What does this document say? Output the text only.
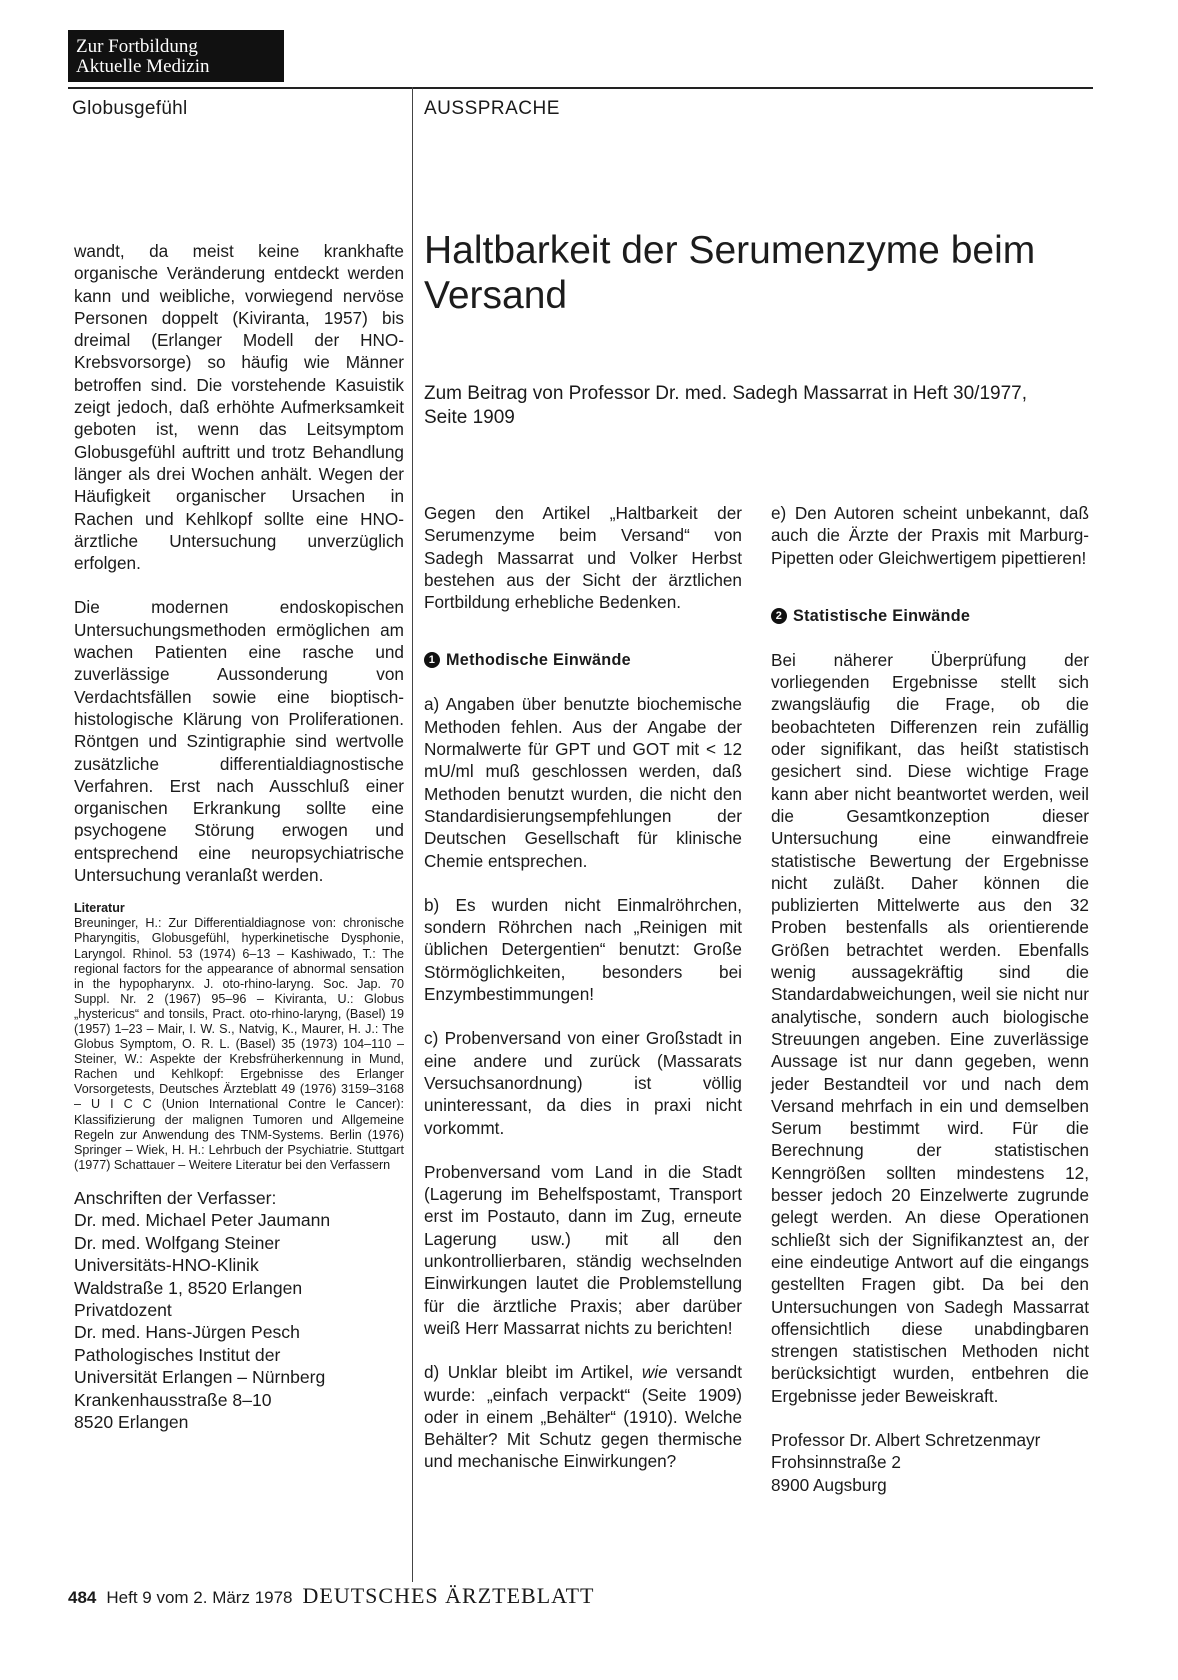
Zur Fortbildung
Aktuelle Medizin
Globusgefühl	AUSSPRACHE
Haltbarkeit der Serumenzyme beim Versand
Zum Beitrag von Professor Dr. med. Sadegh Massarrat in Heft 30/1977, Seite 1909

wandt, da meist keine krankhafte organische Veränderung entdeckt werden kann und weibliche, vorwiegend nervöse Personen doppelt (Kiviranta, 1957) bis dreimal (Erlanger Modell der HNO-Krebsvorsorge) so häufig wie Männer betroffen sind. Die vorstehende Kasuistik zeigt jedoch, daß erhöhte Aufmerksamkeit geboten ist, wenn das Leitsymptom Globusgefühl auftritt und trotz Behandlung länger als drei Wochen anhält. Wegen der Häufigkeit organischer Ursachen in Rachen und Kehlkopf sollte eine HNO-ärztliche Untersuchung unverzüglich erfolgen.

Die modernen endoskopischen Untersuchungsmethoden ermöglichen am wachen Patienten eine rasche und zuverlässige Aussonderung von Verdachtsfällen sowie eine bioptisch-histologische Klärung von Proliferationen. Röntgen und Szintigraphie sind wertvolle zusätzliche differentialdiagnostische Verfahren. Erst nach Ausschluß einer organischen Erkrankung sollte eine psychogene Störung erwogen und entsprechend eine neuropsychiatrische Untersuchung veranlaßt werden.

Literatur

Breuninger, H.: Zur Differentialdiagnose von: chronische Pharyngitis, Globusgefühl, hyperkinetische Dysphonie, Laryngol. Rhinol. 53 (1974) 6–13 – Kashiwado, T.: The regional factors for the appearance of abnormal sensation in the hypopharynx. J. oto-rhino-laryng. Soc. Jap. 70 Suppl. Nr. 2 (1967) 95–96 – Kiviranta, U.: Globus „hystericus“ and tonsils, Pract. oto-rhino-laryng, (Basel) 19 (1957) 1–23 – Mair, I. W. S., Natvig, K., Maurer, H. J.: The Globus Symptom, O. R. L. (Basel) 35 (1973) 104–110 – Steiner, W.: Aspekte der Krebsfrüherkennung in Mund, Rachen und Kehlkopf: Ergebnisse des Erlanger Vorsorgetests, Deutsches Ärzteblatt 49 (1976) 3159–3168 – U I C C (Union International Contre le Cancer): Klassifizierung der malignen Tumoren und Allgemeine Regeln zur Anwendung des TNM-Systems. Berlin (1976) Springer – Wiek, H. H.: Lehrbuch der Psychiatrie. Stuttgart (1977) Schattauer – Weitere Literatur bei den Verfassern

Anschriften der Verfasser:
Dr. med. Michael Peter Jaumann
Dr. med. Wolfgang Steiner
Universitäts-HNO-Klinik
Waldstraße 1, 8520 Erlangen
Privatdozent
Dr. med. Hans-Jürgen Pesch
Pathologisches Institut der
Universität Erlangen – Nürnberg
Krankenhausstraße 8–10
8520 Erlangen

Gegen den Artikel „Haltbarkeit der Serumenzyme beim Versand“ von Sadegh Massarrat und Volker Herbst bestehen aus der Sicht der ärztlichen Fortbildung erhebliche Bedenken.

1 Methodische Einwände

a) Angaben über benutzte biochemische Methoden fehlen. Aus der Angabe der Normalwerte für GPT und GOT mit < 12 mU/ml muß geschlossen werden, daß Methoden benutzt wurden, die nicht den Standardisierungsempfehlungen der Deutschen Gesellschaft für klinische Chemie entsprechen.

b) Es wurden nicht Einmalröhrchen, sondern Röhrchen nach „Reinigen mit üblichen Detergentien“ benutzt: Große Störmöglichkeiten, besonders bei Enzymbestimmungen!

c) Probenversand von einer Großstadt in eine andere und zurück (Massarats Versuchsanordnung) ist völlig uninteressant, da dies in praxi nicht vorkommt.

Probenversand vom Land in die Stadt (Lagerung im Behelfspostamt, Transport erst im Postauto, dann im Zug, erneute Lagerung usw.) mit all den unkontrollierbaren, ständig wechselnden Einwirkungen lautet die Problemstellung für die ärztliche Praxis; aber darüber weiß Herr Massarrat nichts zu berichten!

d) Unklar bleibt im Artikel, wie versandt wurde: „einfach verpackt“ (Seite 1909) oder in einem „Behälter“ (1910). Welche Behälter? Mit Schutz gegen thermische und mechanische Einwirkungen?

e) Den Autoren scheint unbekannt, daß auch die Ärzte der Praxis mit Marburg-Pipetten oder Gleichwertigem pipettieren!

2 Statistische Einwände

Bei näherer Überprüfung der vorliegenden Ergebnisse stellt sich zwangsläufig die Frage, ob die beobachteten Differenzen rein zufällig oder signifikant, das heißt statistisch gesichert sind. Diese wichtige Frage kann aber nicht beantwortet werden, weil die Gesamtkonzeption dieser Untersuchung eine einwandfreie statistische Bewertung der Ergebnisse nicht zuläßt. Daher können die publizierten Mittelwerte aus den 32 Proben bestenfalls als orientierende Größen betrachtet werden. Ebenfalls wenig aussagekräftig sind die Standardabweichungen, weil sie nicht nur analytische, sondern auch biologische Streuungen angeben. Eine zuverlässige Aussage ist nur dann gegeben, wenn jeder Bestandteil vor und nach dem Versand mehrfach in ein und demselben Serum bestimmt wird. Für die Berechnung der statistischen Kenngrößen sollten mindestens 12, besser jedoch 20 Einzelwerte zugrunde gelegt werden. An diese Operationen schließt sich der Signifikanztest an, der eine eindeutige Antwort auf die eingangs gestellten Fragen gibt. Da bei den Untersuchungen von Sadegh Massarrat offensichtlich diese unabdingbaren strengen statistischen Methoden nicht berücksichtigt wurden, entbehren die Ergebnisse jeder Beweiskraft.

Professor Dr. Albert Schretzenmayr
Frohsinnstraße 2
8900 Augsburg

484 Heft 9 vom 2. März 1978 DEUTSCHES ÄRZTEBLATT
